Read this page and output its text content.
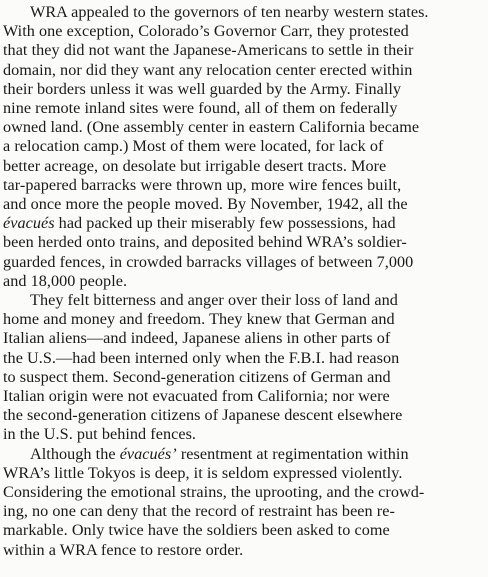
WRA appealed to the governors of ten nearby western states.
With one exception, Colorado’s Governor Carr, they protested
that they did not want the Japanese-Americans to settle in their
domain, nor did they want any relocation center erected within
their borders unless it was well guarded by the Army. Finally
nine remote inland sites were found, all of them on federally
owned land. (One assembly center in eastern California became
a relocation camp.) Most of them were located, for lack of
better acreage, on desolate but irrigable desert tracts. More
tar-papered barracks were thrown up, more wire fences built,
and once more the people moved. By November, 1942, all the
évacués had packed up their miserably few possessions, had
been herded onto trains, and deposited behind WRA’s soldier-
guarded fences, in crowded barracks villages of between 7,000
and 18,000 people.
They felt bitterness and anger over their loss of land and
home and money and freedom. They knew that German and
Italian aliens—and indeed, Japanese aliens in other parts of
the U.S.—had been interned only when the F.B.I. had reason
to suspect them. Second-generation citizens of German and
Italian origin were not evacuated from California; nor were
the second-generation citizens of Japanese descent elsewhere
in the U.S. put behind fences.
Although the évacués’ resentment at regimentation within
WRA’s little Tokyos is deep, it is seldom expressed violently.
Considering the emotional strains, the uprooting, and the crowd-
ing, no one can deny that the record of restraint has been re-
markable. Only twice have the soldiers been asked to come
within a WRA fence to restore order.
